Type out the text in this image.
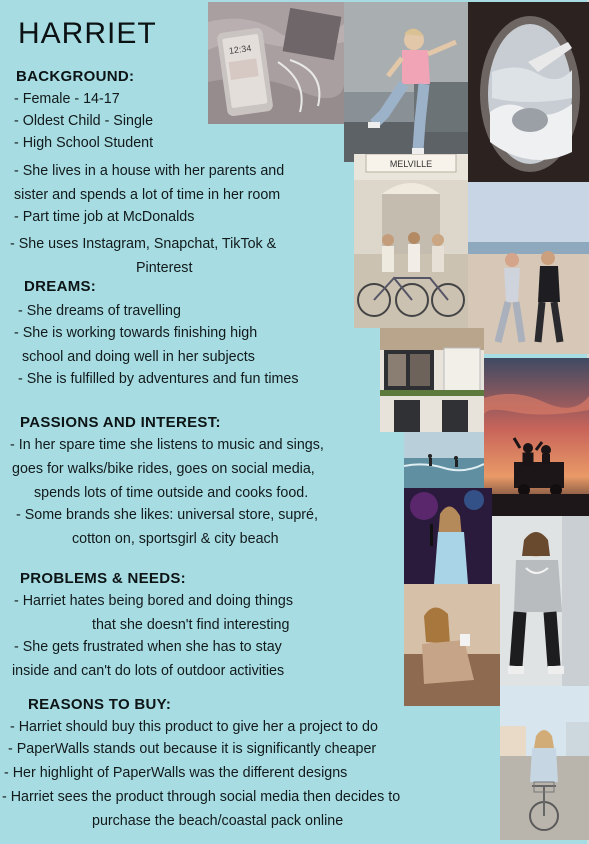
HARRIET
BACKGROUND:
- Female - 14-17
- Oldest Child - Single
- High School Student
- She lives in a house with her parents and
sister and spends a lot of time in her room
- Part time job at McDonalds
- She uses Instagram, Snapchat, TikTok &
Pinterest
DREAMS:
- She dreams of travelling
- She is working towards finishing high
school and doing well in her subjects
- She is fulfilled by adventures and fun times
PASSIONS AND INTEREST:
- In her spare time she listens to music and sings,
goes for walks/bike rides, goes on social media,
spends lots of time outside and cooks food.
- Some brands she likes: universal store, supré,
cotton on, sportsgirl & city beach
PROBLEMS & NEEDS:
- Harriet hates being bored and doing things
that she doesn't find interesting
- She gets frustrated when she has to stay
inside and can't do lots of outdoor activities
REASONS TO BUY:
- Harriet should buy this product to give her a project to do
- PaperWalls stands out because it is significantly cheaper
- Her highlight of PaperWalls was the different designs
- Harriet sees the product through social media then decides to
purchase the beach/coastal pack online
12:34
MELVILLE
